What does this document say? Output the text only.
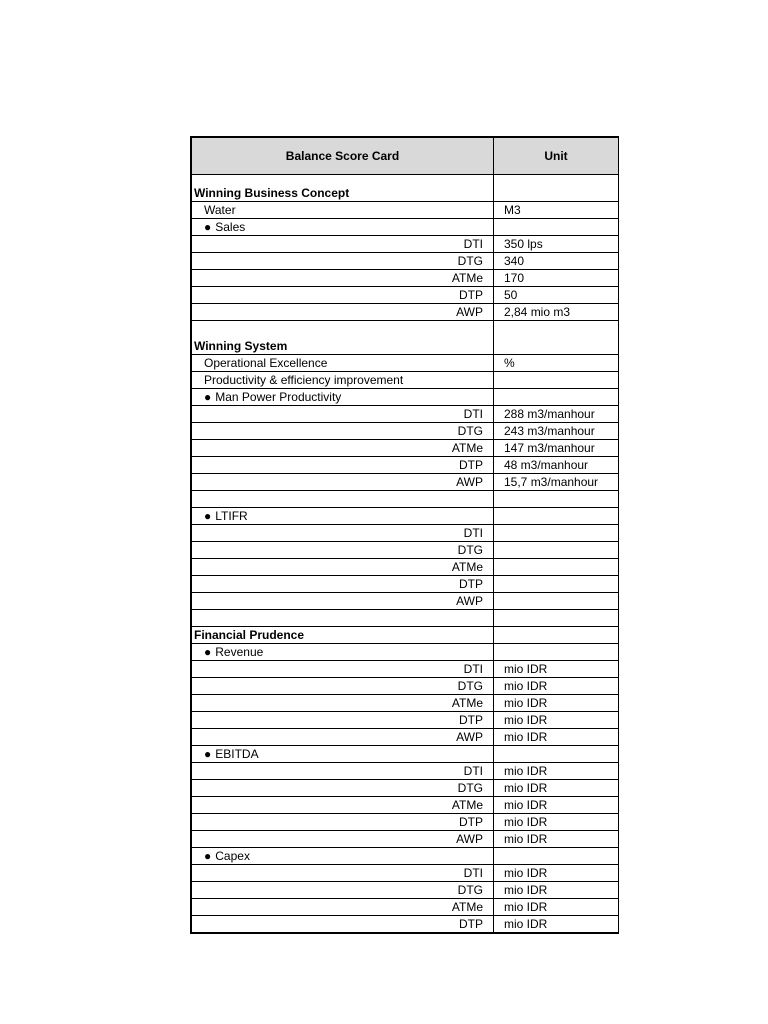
Balance Score Card	Unit
Winning Business Concept
Water	M3
● Sales
DTI	350 lps
DTG	340
ATMe	170
DTP	50
AWP	2,84 mio m3
Winning System
Operational Excellence	%
Productivity & efficiency improvement
● Man Power Productivity
DTI	288 m3/manhour
DTG	243 m3/manhour
ATMe	147 m3/manhour
DTP	48 m3/manhour
AWP	15,7 m3/manhour
● LTIFR
DTI
DTG
ATMe
DTP
AWP
Financial Prudence
● Revenue
DTI	mio IDR
DTG	mio IDR
ATMe	mio IDR
DTP	mio IDR
AWP	mio IDR
● EBITDA
DTI	mio IDR
DTG	mio IDR
ATMe	mio IDR
DTP	mio IDR
AWP	mio IDR
● Capex
DTI	mio IDR
DTG	mio IDR
ATMe	mio IDR
DTP	mio IDR
